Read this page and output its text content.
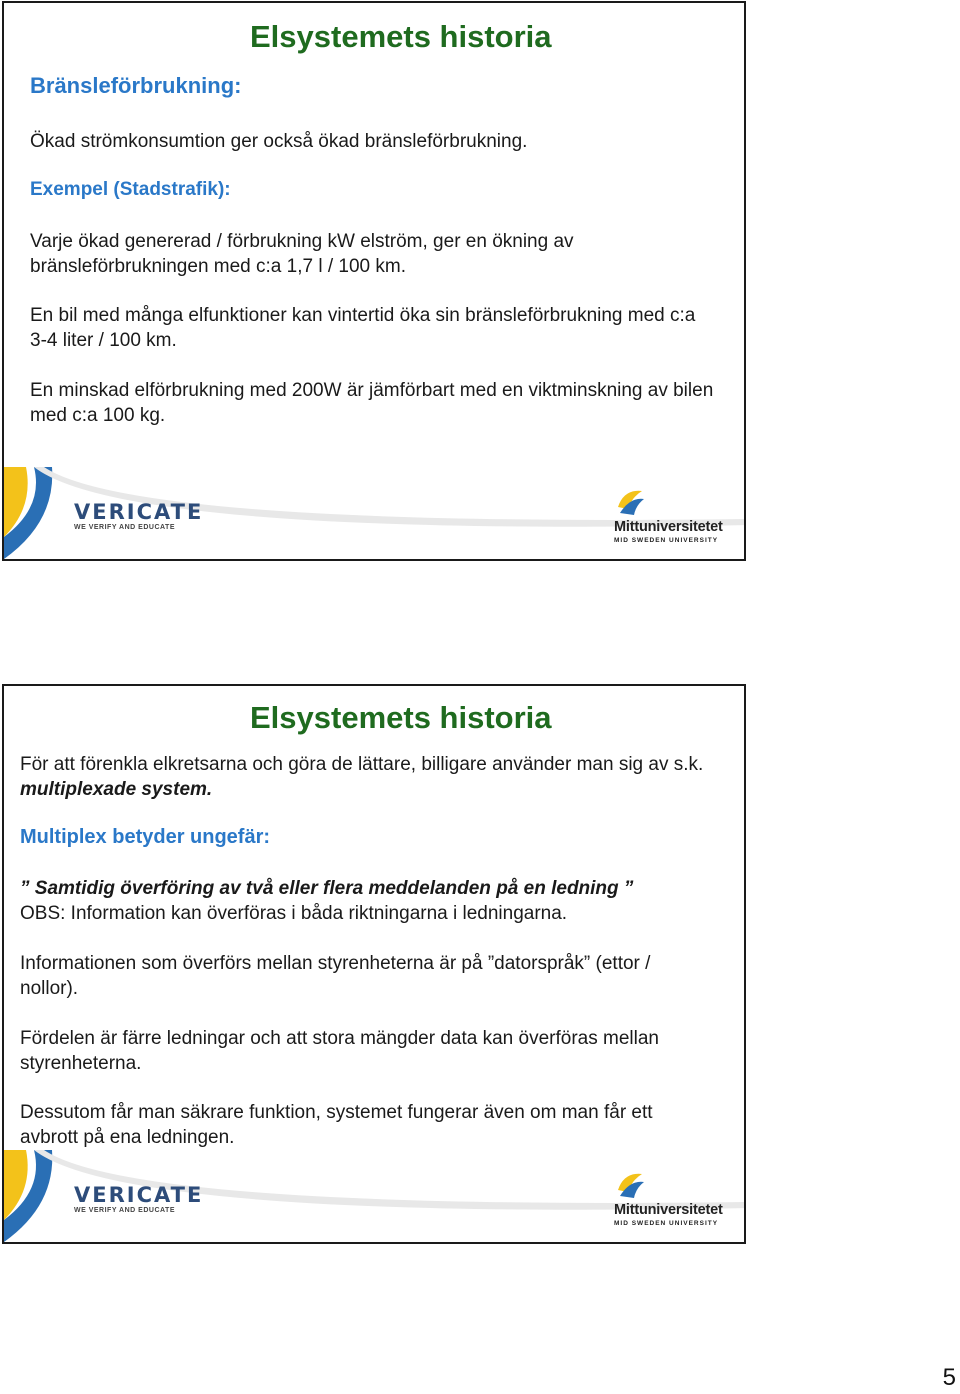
Elsystemets historia
Bränsleförbrukning:

Ökad strömkonsumtion ger också ökad bränsleförbrukning.

Exempel (Stadstrafik):

Varje ökad genererad / förbrukning kW elström, ger en ökning av bränsleförbrukningen med c:a 1,7 l / 100 km.

En bil med många elfunktioner kan vintertid öka sin bränsleförbrukning med c:a 3-4 liter / 100 km.

En minskad elförbrukning med 200W är jämförbart med en viktminskning av bilen med c:a 100 kg.

VERICATE
WE VERIFY AND EDUCATE	Mittuniversitetet
MID SWEDEN UNIVERSITY
Elsystemets historia

För att förenkla elkretsarna och göra de lättare, billigare använder man sig av s.k. multiplexade system.

Multiplex betyder ungefär:

” Samtidig överföring av två eller flera meddelanden på en ledning ”

OBS: Information kan överföras i båda riktningarna i ledningarna.

Informationen som överförs mellan styrenheterna är på ”datorspråk” (ettor / nollor).

Fördelen är färre ledningar och att stora mängder data kan överföras mellan styrenheterna.

Dessutom får man säkrare funktion, systemet fungerar även om man får ett avbrott på ena ledningen.

VERICATE
WE VERIFY AND EDUCATE	Mittuniversitetet
MID SWEDEN UNIVERSITY
5
